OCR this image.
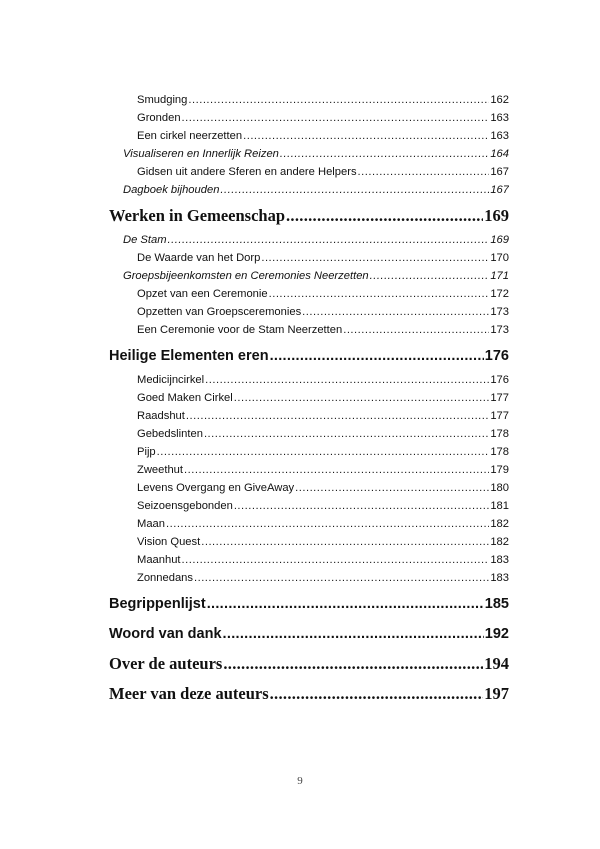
Smudging .....	162
Gronden .....	163
Een cirkel neerzetten .....	163
Visualiseren en Innerlijk Reizen .....	164
Gidsen uit andere Sferen en andere Helpers .....	167
Dagboek bijhouden .....	167
Werken in Gemeenschap .....	169
De Stam .....	169
De Waarde van het Dorp .....	170
Groepsbijeenkomsten en Ceremonies Neerzetten .....	171
Opzet van een Ceremonie .....	172
Opzetten van Groepsceremonies .....	173
Een Ceremonie voor de Stam Neerzetten .....	173
Heilige Elementen eren .....	176
Medicijncirkel .....	176
Goed Maken Cirkel .....	177
Raadshut .....	177
Gebedslinten .....	178
Pijp .....	178
Zweethut .....	179
Levens Overgang en GiveAway .....	180
Seizoensgebonden .....	181
Maan .....	182
Vision Quest .....	182
Maanhut .....	183
Zonnedans .....	183
Begrippenlijst .....	185
Woord van dank .....	192
Over de auteurs .....	194
Meer van deze auteurs .....	197
9
